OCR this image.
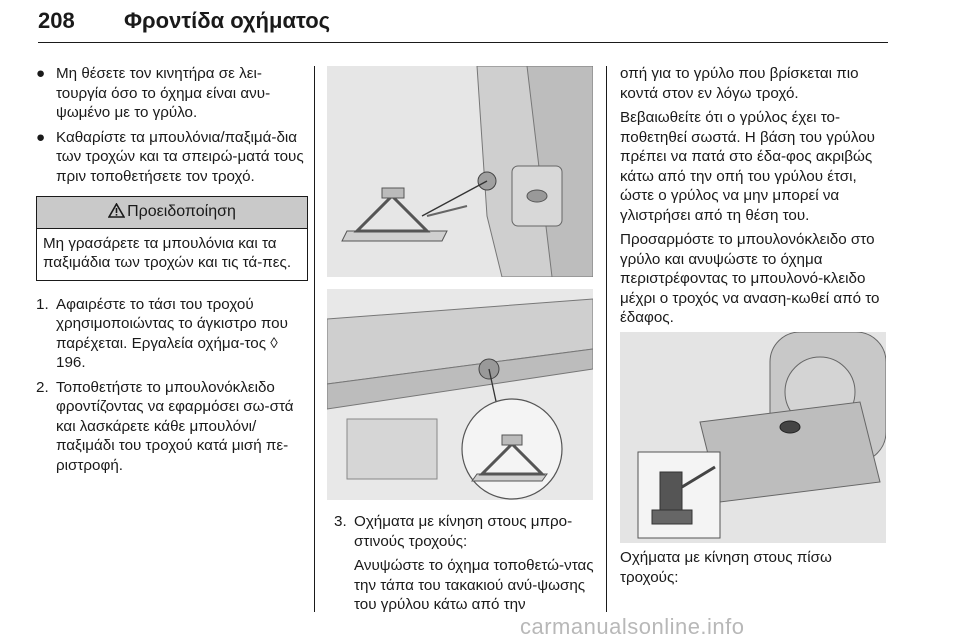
208 Φροντίδα οχήματος
● Μη θέσετε τον κινητήρα σε λει-τουργία όσο το όχημα είναι ανυ-ψωμένο με το γρύλο.
● Καθαρίστε τα μπουλόνια/παξιμά-δια των τροχών και τα σπειρώ-ματά τους πριν τοποθετήσετε τον τροχό.
Προειδοποίηση
Μη γρασάρετε τα μπουλόνια και τα παξιμάδια των τροχών και τις τά-πες.
1. Αφαιρέστε το τάσι του τροχού χρησιμοποιώντας το άγκιστρο που παρέχεται. Εργαλεία οχήμα-τος ◊ 196.
2. Τοποθετήστε το μπουλονόκλειδο φροντίζοντας να εφαρμόσει σω-στά και λασκάρετε κάθε μπουλόνι/ παξιμάδι του τροχού κατά μισή πε-ριστροφή.
3. Οχήματα με κίνηση στους μπρο-στινούς τροχούς:

Ανυψώστε το όχημα τοποθετώ-ντας την τάπα του τακακιού ανύ-ψωσης του γρύλου κάτω από την

οπή για το γρύλο που βρίσκεται πιο κοντά στον εν λόγω τροχό.

Βεβαιωθείτε ότι ο γρύλος έχει το-ποθετηθεί σωστά. Η βάση του γρύλου πρέπει να πατά στο έδα-φος ακριβώς κάτω από την οπή του γρύλου έτσι, ώστε ο γρύλος να μην μπορεί να γλιστρήσει από τη θέση του.

Προσαρμόστε το μπουλονόκλειδο στο γρύλο και ανυψώστε το όχημα περιστρέφοντας το μπουλονό-κλειδο μέχρι ο τροχός να αναση-κωθεί από το έδαφος.

Οχήματα με κίνηση στους πίσω τροχούς:
carmanualsonline.info
